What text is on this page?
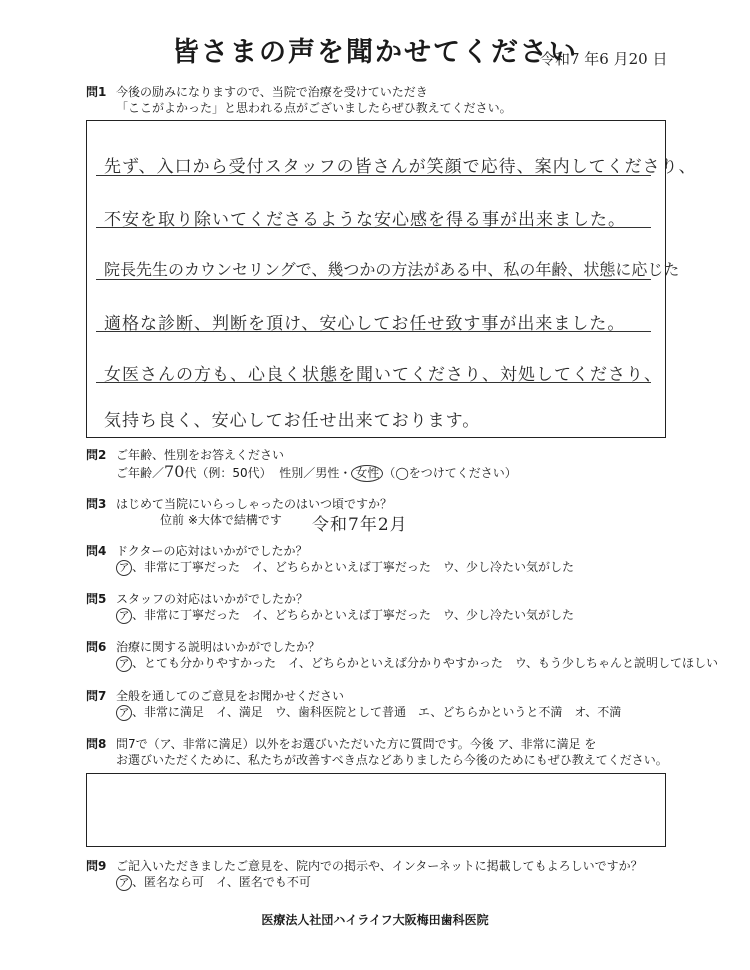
皆さまの声を聞かせてください
令和7 年6 月20 日
問1 今後の励みになりますので、当院で治療を受けていただき
「ここがよかった」と思われる点がございましたらぜひ教えてください。
先ず、入口から受付スタッフの皆さんが笑顔で応待、案内してくださり、
不安を取り除いてくださるような安心感を得る事が出来ました。
院長先生のカウンセリングで、幾つかの方法がある中、私の年齢、状態に応じた
適格な診断、判断を頂け、安心してお任せ致す事が出来ました。
女医さんの方も、心良く状態を聞いてくださり、対処してくださり、
気持ち良く、安心してお任せ出来ております。
問2 ご年齢、性別をお答えください
ご年齢／70代（例：50代） 性別／男性・ 女性 （◯をつけてください）
問3 はじめて当院にいらっしゃったのはいつ頃ですか？
位前 ※大体で結構です 令和7年2月
問4 ドクターの応対はいかがでしたか？
ア 、非常に丁寧だった　イ、どちらかといえば丁寧だった　ウ、少し冷たい気がした
問5 スタッフの対応はいかがでしたか？
ア 、非常に丁寧だった　イ、どちらかといえば丁寧だった　ウ、少し冷たい気がした
問6 治療に関する説明はいかがでしたか？
ア 、とても分かりやすかった　イ、どちらかといえば分かりやすかった　ウ、もう少しちゃんと説明してほしい
問7 全般を通してのご意見をお聞かせください
ア 、非常に満足　イ、満足　ウ、歯科医院として普通　エ、どちらかというと不満　オ、不満
問8 問7で（ア、非常に満足）以外をお選びいただいた方に質問です。今後 ア、非常に満足 を
お選びいただくために、私たちが改善すべき点などありましたら今後のためにもぜひ教えてください。
問9 ご記入いただきましたご意見を、院内での掲示や、インターネットに掲載してもよろしいですか？
ア 、匿名なら可　イ、匿名でも不可
医療法人社団ハイライフ大阪梅田歯科医院
